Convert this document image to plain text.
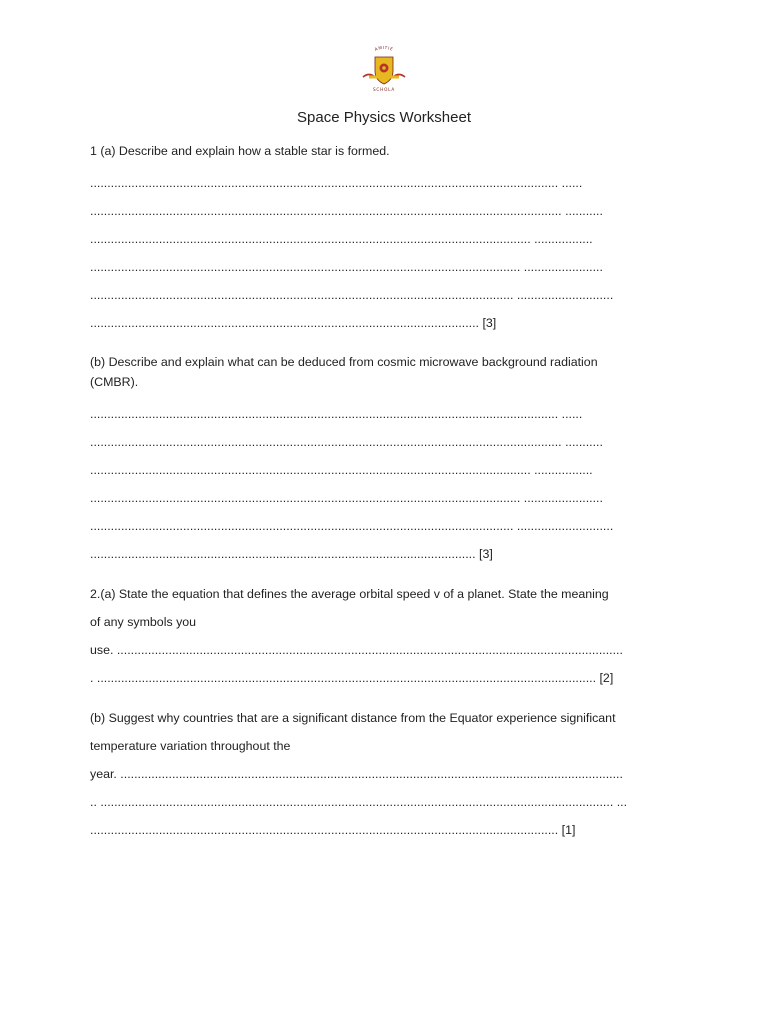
AMITIE
SCHOLA
Space Physics Worksheet
1 (a) Describe and explain how a stable star is formed.
........................................................................................................................................ ......
......................................................................................................................................... ...........
................................................................................................................................ .................
............................................................................................................................. .......................
........................................................................................................................... ............................
................................................................................................................. [3]
(b) Describe and explain what can be deduced from cosmic microwave background radiation
(CMBR).
........................................................................................................................................ ......
......................................................................................................................................... ...........
................................................................................................................................ .................
............................................................................................................................. .......................
........................................................................................................................... ............................
................................................................................................................ [3]
2.(a) State the equation that defines the average orbital speed v of a planet. State the meaning
of any symbols you
use. ...................................................................................................................................................
. ................................................................................................................................................. [2]
(b) Suggest why countries that are a significant distance from the Equator experience significant
temperature variation throughout the
year. ..................................................................................................................................................
.. ..................................................................................................................................................... ...
........................................................................................................................................ [1]
